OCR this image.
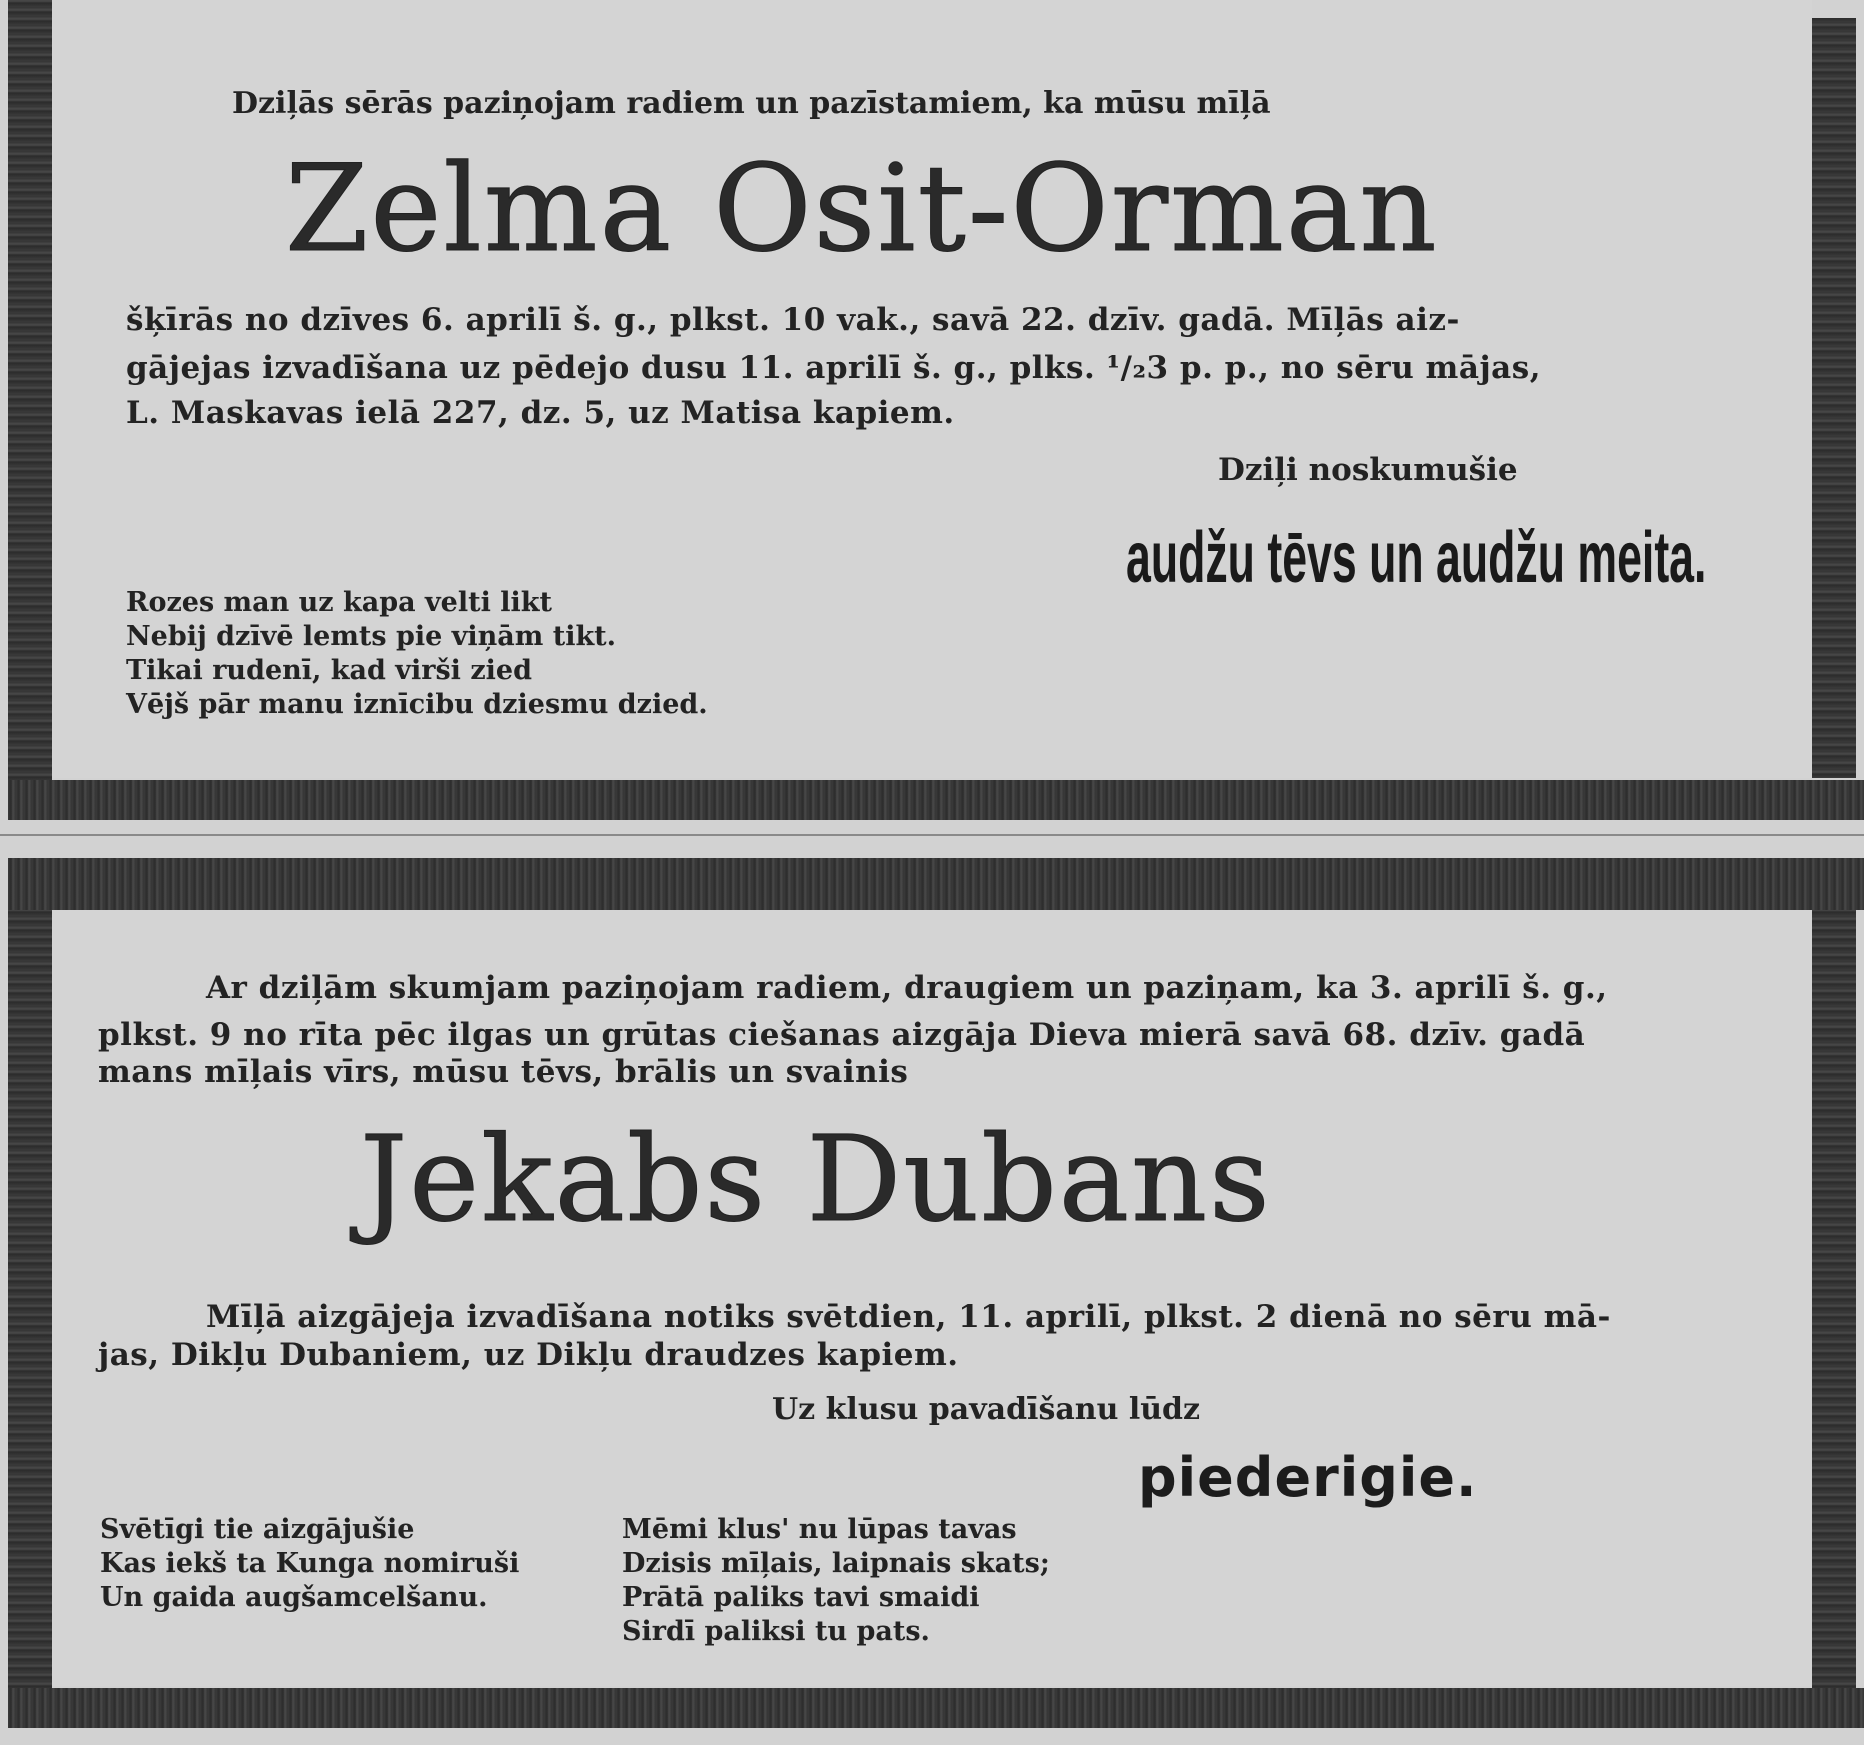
Dziļās sērās paziņojam radiem un pazīstamiem, ka mūsu mīļā
Zelma Osit-Orman
šķīrās no dzīves 6. aprilī š. g., plkst. 10 vak., savā 22. dzīv. gadā. Mīļās aiz-
gājejas izvadīšana uz pēdejo dusu 11. aprilī š. g., plks. ¹/₂3 p. p., no sēru mājas,
L. Maskavas ielā 227, dz. 5, uz Matisa kapiem.
Dziļi noskumušie
audžu tēvs un audžu meita.
Rozes man uz kapa velti likt
Nebij dzīvē lemts pie viņām tikt.
Tikai rudenī, kad virši zied
Vējš pār manu iznīcibu dziesmu dzied.
Ar dziļām skumjam paziņojam radiem, draugiem un paziņam, ka 3. aprilī š. g.,
plkst. 9 no rīta pēc ilgas un grūtas ciešanas aizgāja Dieva mierā savā 68. dzīv. gadā
mans mīļais vīrs, mūsu tēvs, brālis un svainis
Jekabs Dubans
Mīļā aizgājeja izvadīšana notiks svētdien, 11. aprilī, plkst. 2 dienā no sēru mā-
jas, Dikļu Dubaniem, uz Dikļu draudzes kapiem.
Uz klusu pavadīšanu lūdz
piederigie.
Svētīgi tie aizgājušie
Kas iekš ta Kunga nomiruši
Un gaida augšamcelšanu.
Mēmi klus' nu lūpas tavas
Dzisis mīļais, laipnais skats;
Prātā paliks tavi smaidi
Sirdī paliksi tu pats.
